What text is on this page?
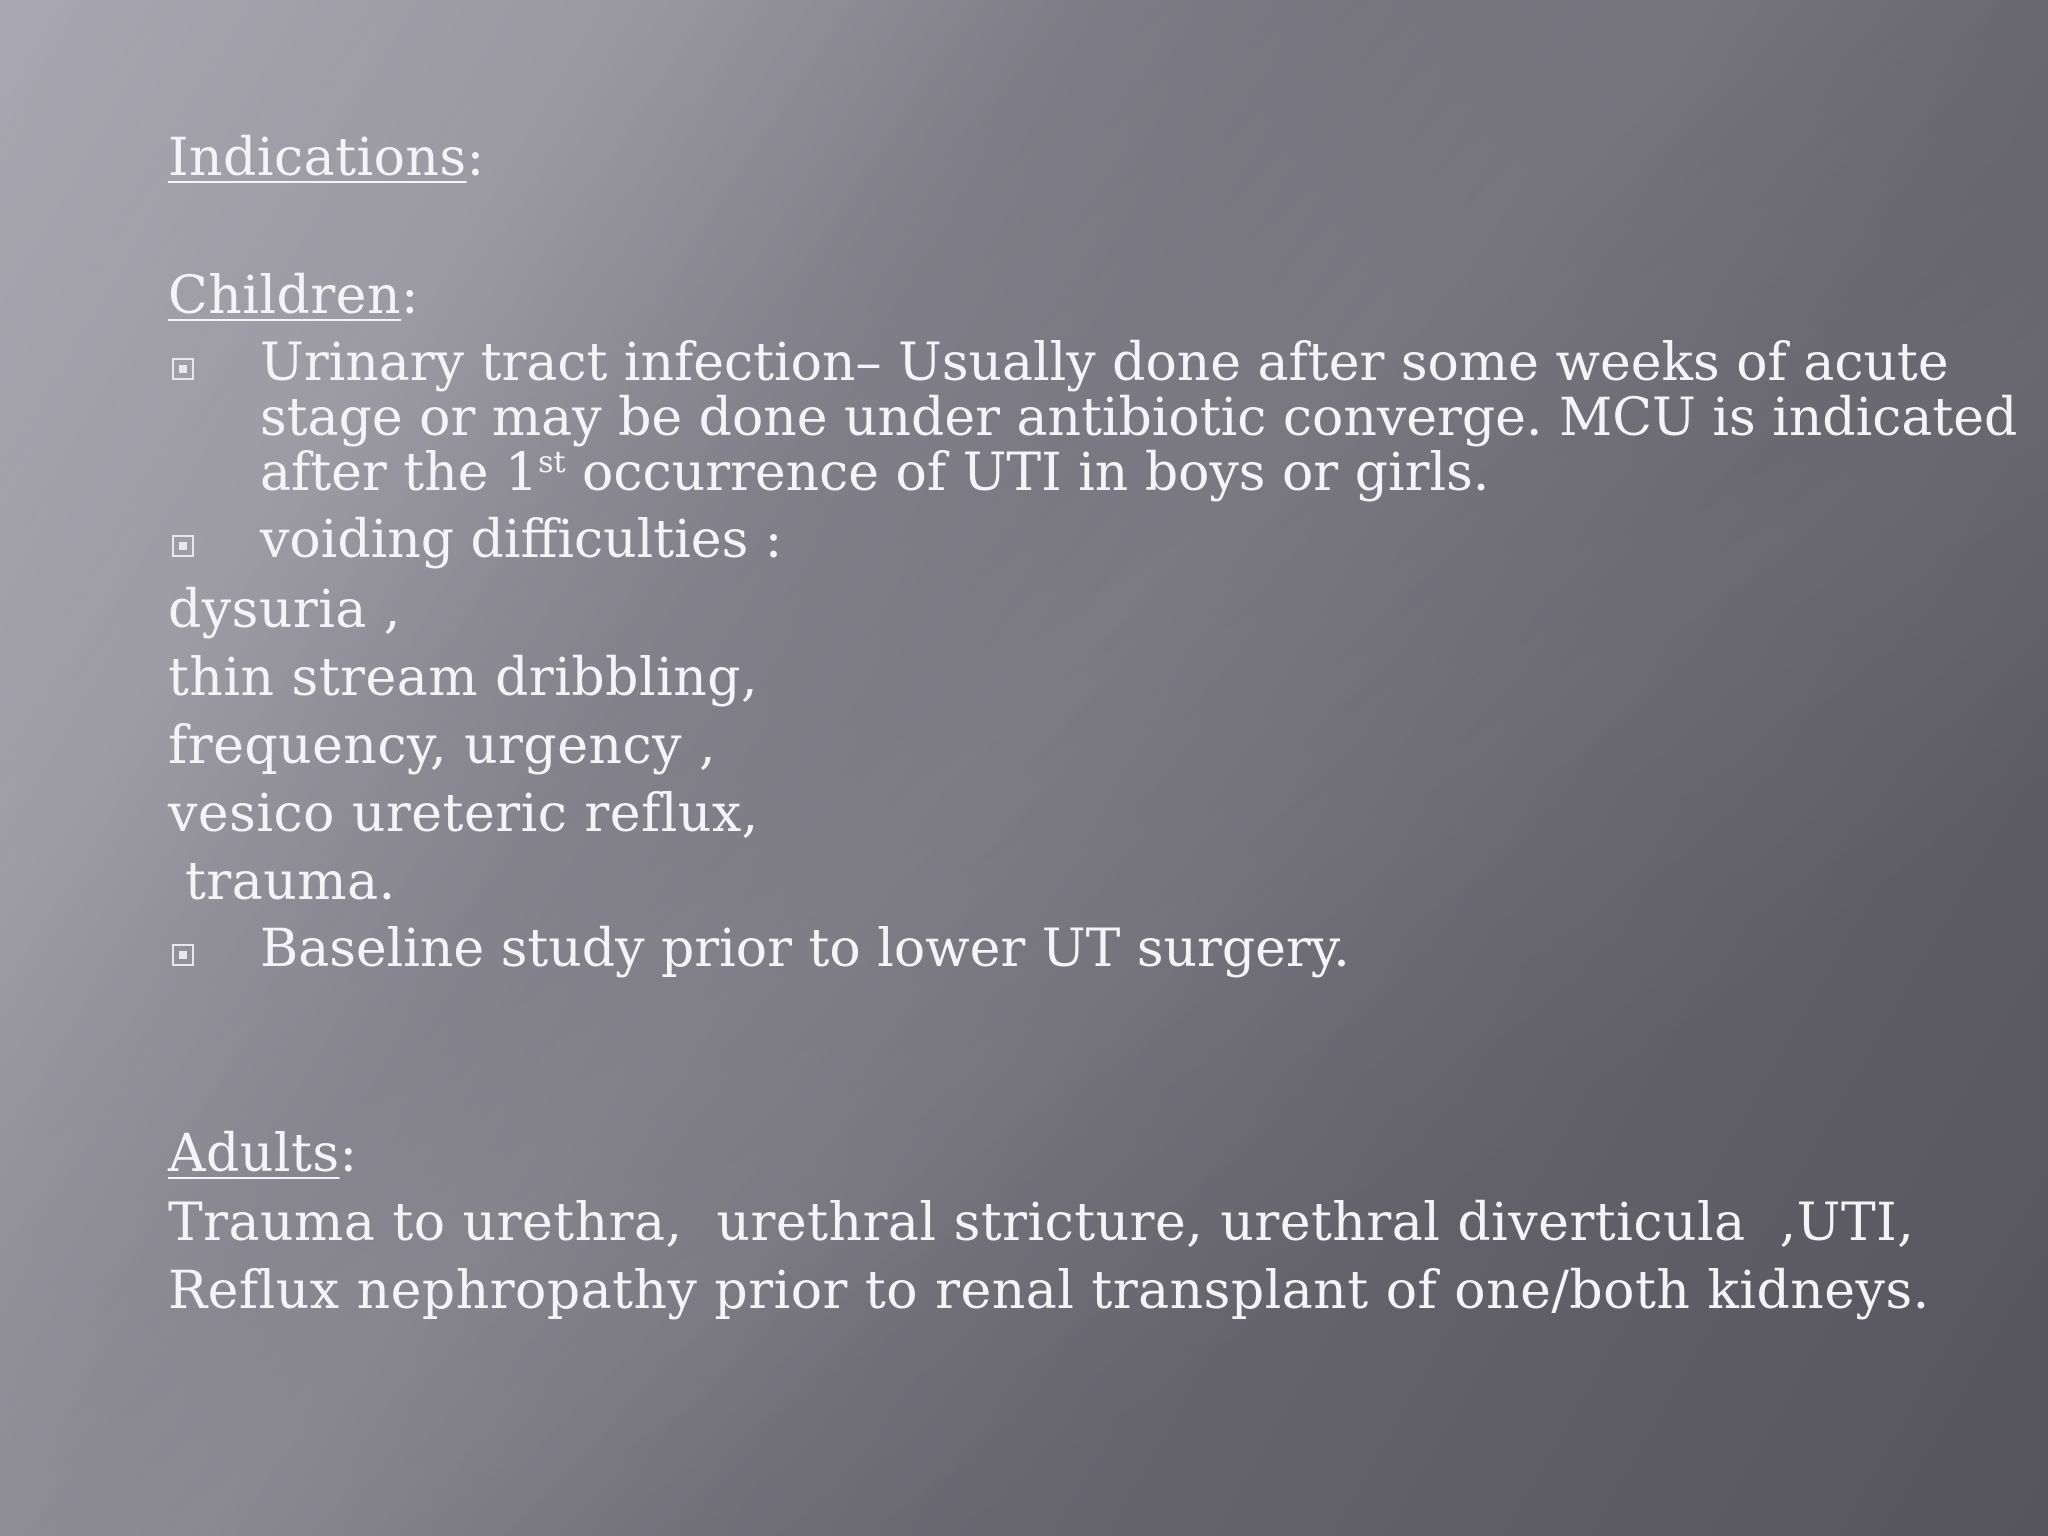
Indications:
Children:
Urinary tract infection– Usually done after some weeks of acute
stage or may be done under antibiotic converge. MCU is indicated
after the 1st occurrence of UTI in boys or girls.
voiding difficulties :
dysuria ,
thin stream dribbling,
frequency, urgency ,
vesico ureteric reflux,
trauma.
Baseline study prior to lower UT surgery.
Adults:
Trauma to urethra,  urethral stricture, urethral diverticula  ,UTI,
Reflux nephropathy prior to renal transplant of one/both kidneys.
